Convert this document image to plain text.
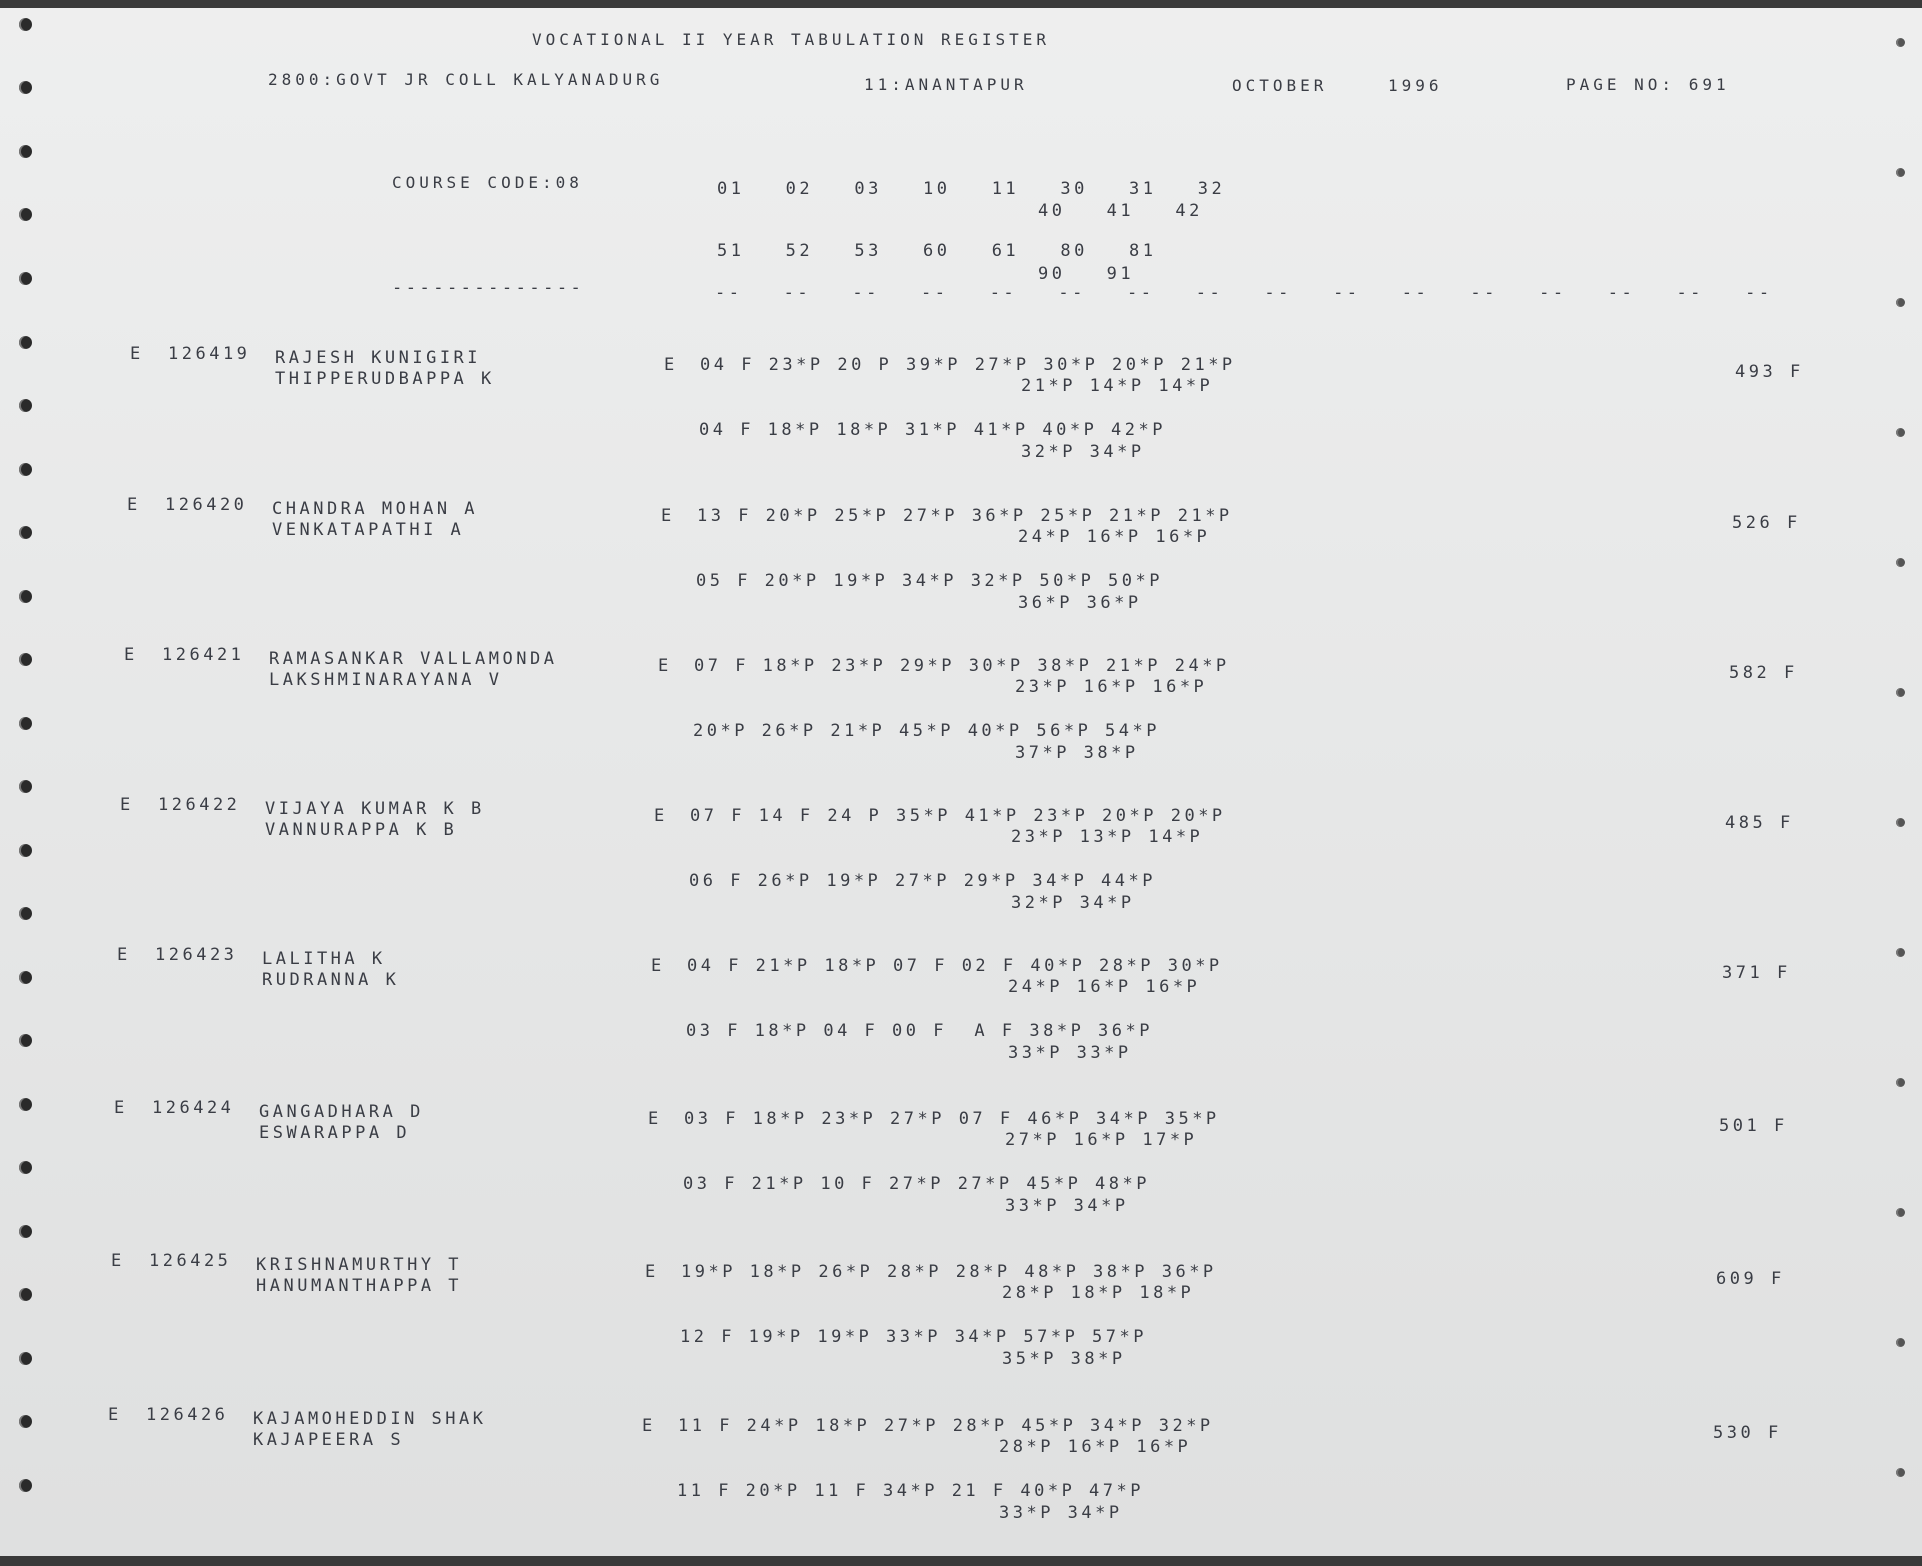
VOCATIONAL II YEAR TABULATION REGISTER
2800:GOVT JR COLL KALYANADURG	11:ANANTAPUR	OCTOBER	1996	PAGE NO: 691
COURSE CODE:08	01   02   03   10   11   30   31   32
40   41   42
51   52   53   60   61   80   81
90   91
--------------	--   --   --   --   --   --   --   --   --   --   --   --   --   --   --   --
E 126419 RAJESH KUNIGIRI
THIPPERUDBAPPA K
E 04 F 23*P 20 P 39*P 27*P 30*P 20*P 21*P
21*P 14*P 14*P
04 F 18*P 18*P 31*P 41*P 40*P 42*P
32*P 34*P
493 F
E 126420 CHANDRA MOHAN A
VENKATAPATHI A
E 13 F 20*P 25*P 27*P 36*P 25*P 21*P 21*P
24*P 16*P 16*P
05 F 20*P 19*P 34*P 32*P 50*P 50*P
36*P 36*P
526 F
E 126421 RAMASANKAR VALLAMONDA
LAKSHMINARAYANA V
E 07 F 18*P 23*P 29*P 30*P 38*P 21*P 24*P
23*P 16*P 16*P
20*P 26*P 21*P 45*P 40*P 56*P 54*P
37*P 38*P
582 F
E 126422 VIJAYA KUMAR K B
VANNURAPPA K B
E 07 F 14 F 24 P 35*P 41*P 23*P 20*P 20*P
23*P 13*P 14*P
06 F 26*P 19*P 27*P 29*P 34*P 44*P
32*P 34*P
485 F
E 126423 LALITHA K
RUDRANNA K
E 04 F 21*P 18*P 07 F 02 F 40*P 28*P 30*P
24*P 16*P 16*P
03 F 18*P 04 F 00 F  A F 38*P 36*P
33*P 33*P
371 F
E 126424 GANGADHARA D
ESWARAPPA D
E 03 F 18*P 23*P 27*P 07 F 46*P 34*P 35*P
27*P 16*P 17*P
03 F 21*P 10 F 27*P 27*P 45*P 48*P
33*P 34*P
501 F
E 126425 KRISHNAMURTHY T
HANUMANTHAPPA T
E 19*P 18*P 26*P 28*P 28*P 48*P 38*P 36*P
28*P 18*P 18*P
12 F 19*P 19*P 33*P 34*P 57*P 57*P
35*P 38*P
609 F
E 126426 KAJAMOHEDDIN SHAK
KAJAPEERA S
E 11 F 24*P 18*P 27*P 28*P 45*P 34*P 32*P
28*P 16*P 16*P
11 F 20*P 11 F 34*P 21 F 40*P 47*P
33*P 34*P
530 F
